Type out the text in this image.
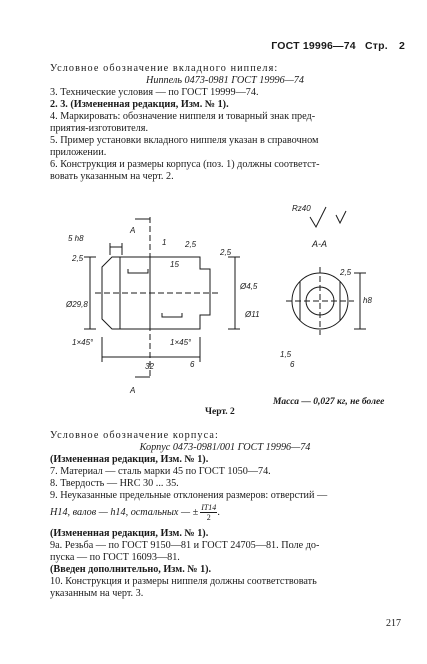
ГОСТ 19996—74 Стр. 2
Условное обозначение вкладного ниппеля:
Ниппель 0473-0981 ГОСТ 19996—74
3. Технические условия — по ГОСТ 19999—74.
2. 3. (Измененная редакция, Изм. № 1).
4. Маркировать: обозначение ниппеля и товарный знак пред-
приятия-изготовителя.
5. Пример установки вкладного ниппеля указан в справочном
приложении.
6. Конструкция и размеры корпуса (поз. 1) должны соответст-
вовать указанным на черт. 2.
5 h8
A
1
2,5
2,5
2,5
15
1×45°	1×45°
32	6
Ø4,5
h8
Ø11
Ø29,8
1,5
2,5
6
A-A
Rz40
A
Масса — 0,027 кг, не более
Черт. 2
Условное обозначение корпуса:
Корпус 0473-0981/001 ГОСТ 19996—74
(Измененная редакция, Изм. № 1).
7. Материал — сталь марки 45 по ГОСТ 1050—74.
8. Твердость — HRC 30 ... 35.
9. Неуказанные предельные отклонения размеров: отверстий —
H14, валов — h14, остальных — ± $\frac{IT14}{2}$ .
(Измененная редакция, Изм. № 1).
9а. Резьба — по ГОСТ 9150—81 и ГОСТ 24705—81. Поле до-
пуска — по ГОСТ 16093—81.
(Введен дополнительно, Изм. № 1).
10. Конструкция и размеры ниппеля должны соответствовать
указанным на черт. 3.
217
